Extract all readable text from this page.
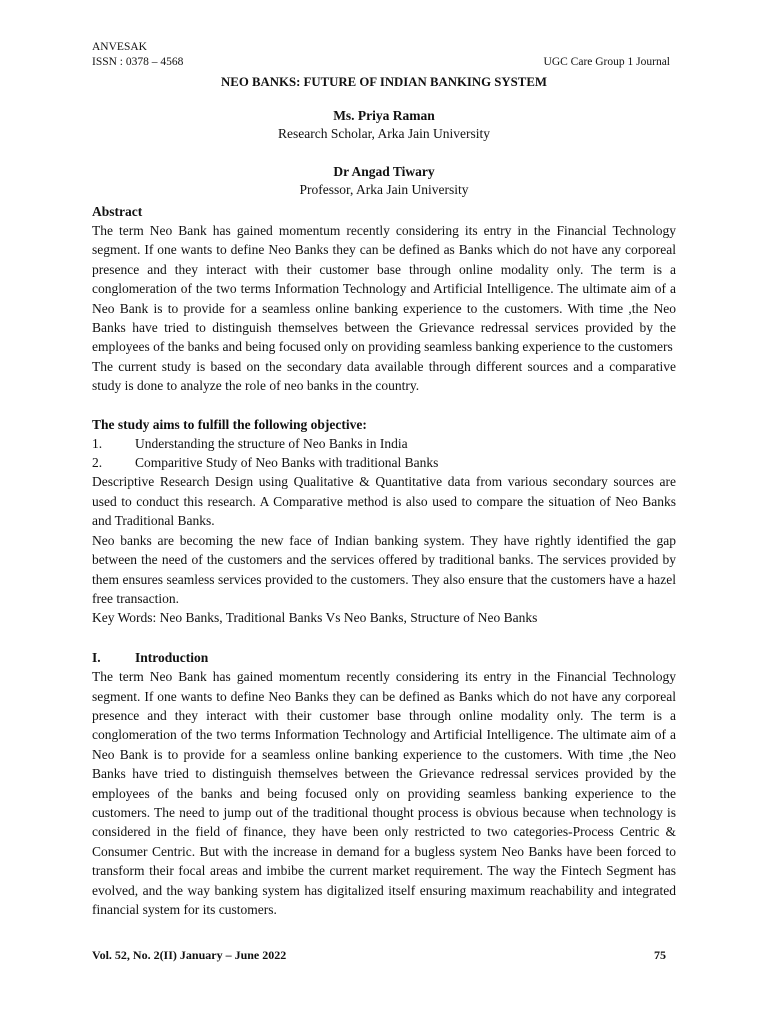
ANVESAK
ISSN : 0378 – 4568	UGC Care Group 1 Journal
NEO BANKS: FUTURE OF INDIAN BANKING SYSTEM
Ms. Priya Raman
Research Scholar, Arka Jain University
Dr Angad Tiwary
Professor, Arka Jain University
Abstract
The term Neo Bank has gained momentum recently considering its entry in the Financial Technology segment. If one wants to define Neo Banks they can be defined as Banks which do not have any corporeal presence and they interact with their customer base through online modality only. The term is a conglomeration of the two terms Information Technology and Artificial Intelligence. The ultimate aim of a Neo Bank is to provide for a seamless online banking experience to the customers. With time ,the Neo Banks have tried to distinguish themselves between the Grievance redressal services provided by the employees of the banks and being focused only on providing seamless banking experience to the customers
The current study is based on the secondary data available through different sources and a comparative study is done to analyze the role of neo banks in the country.
The study aims to fulfill the following objective:
1.	Understanding the structure of Neo Banks in India
2.	Comparitive Study of Neo Banks with traditional Banks
Descriptive Research Design using Qualitative & Quantitative data from various secondary sources are used to conduct this research. A Comparative method is also used to compare the situation of Neo Banks and Traditional Banks.
Neo banks are becoming the new face of Indian banking system. They have rightly identified the gap between the need of the customers and the services offered by traditional banks. The services provided by them ensures seamless services provided to the customers. They also ensure that the customers have a hazel free transaction.
Key Words: Neo Banks, Traditional Banks Vs Neo Banks, Structure of Neo Banks
I.	Introduction
The term Neo Bank has gained momentum recently considering its entry in the Financial Technology segment. If one wants to define Neo Banks they can be defined as Banks which do not have any corporeal presence and they interact with their customer base through online modality only. The term is a conglomeration of the two terms Information Technology and Artificial Intelligence. The ultimate aim of a Neo Bank is to provide for a seamless online banking experience to the customers. With time ,the Neo Banks have tried to distinguish themselves between the Grievance redressal services provided by the employees of the banks and being focused only on providing seamless banking experience to the customers. The need to jump out of the traditional thought process is obvious because when technology is considered in the field of finance, they have been only restricted to two categories-Process Centric & Consumer Centric. But with the increase in demand for a bugless system Neo Banks have been forced to transform their focal areas and imbibe the current market requirement. The way the Fintech Segment has evolved, and the way banking system has digitalized itself ensuring maximum reachability and integrated financial system for its customers.
Vol. 52, No. 2(II) January – June 2022	75
